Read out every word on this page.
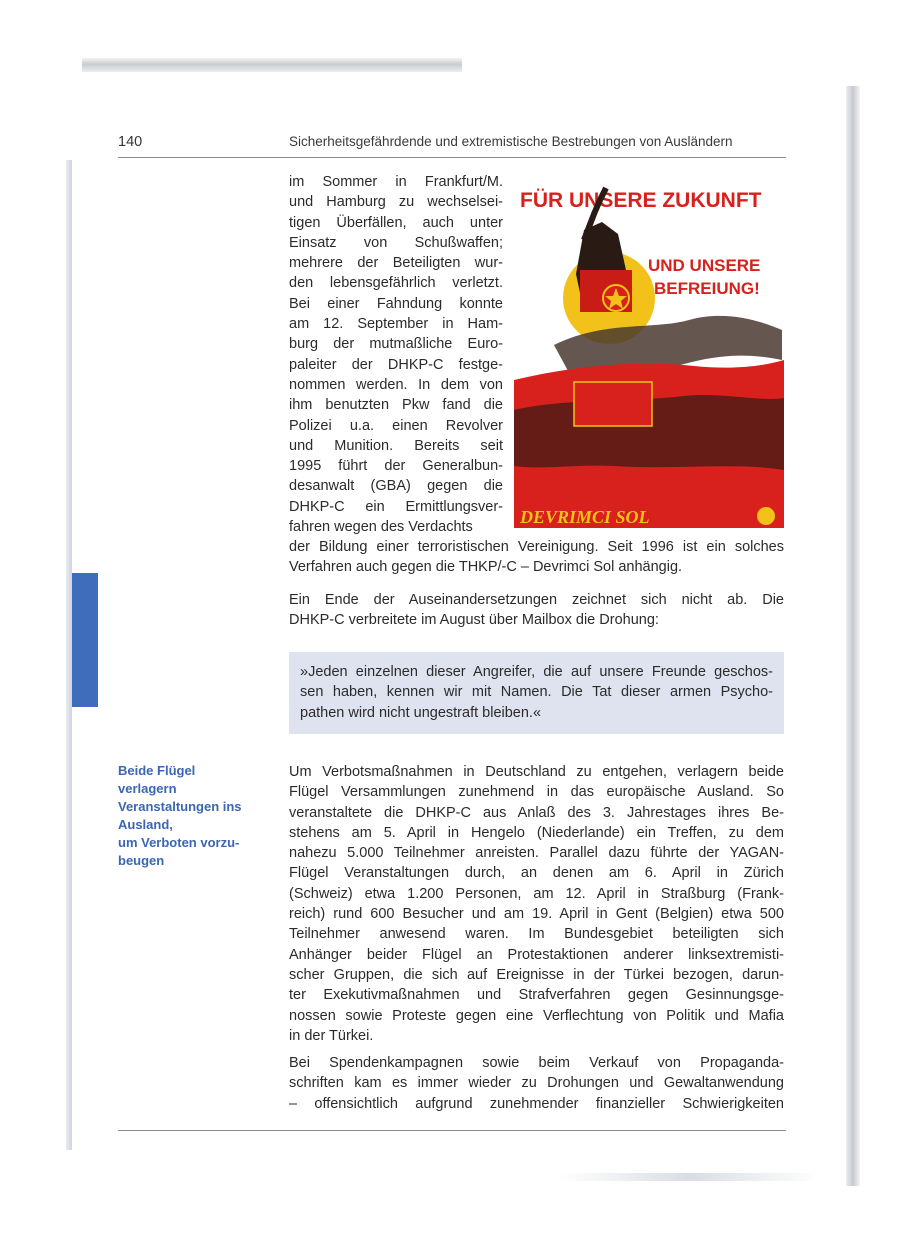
140	Sicherheitsgefährdende und extremistische Bestrebungen von Ausländern
im Sommer in Frankfurt/M.
und Hamburg zu wechselsei-
tigen Überfällen, auch unter
Einsatz von Schußwaffen;
mehrere der Beteiligten wur-
den lebensgefährlich verletzt.
Bei einer Fahndung konnte
am 12. September in Ham-
burg der mutmaßliche Euro-
paleiter der DHKP-C festge-
nommen werden. In dem von
ihm benutzten Pkw fand die
Polizei u.a. einen Revolver
und Munition. Bereits seit
1995 führt der Generalbun-
desanwalt (GBA) gegen die
DHKP-C ein Ermittlungsver-
fahren wegen des Verdachts
FÜR UNSERE ZUKUNFT
UND UNSERE
BEFREIUNG!
DEVRIMCI SOL
der Bildung einer terroristischen Vereinigung. Seit 1996 ist ein solches
Verfahren auch gegen die THKP/-C – Devrimci Sol anhängig.
Ein Ende der Auseinandersetzungen zeichnet sich nicht ab. Die
DHKP-C verbreitete im August über Mailbox die Drohung:
»Jeden einzelnen dieser Angreifer, die auf unsere Freunde geschos-
sen haben, kennen wir mit Namen. Die Tat dieser armen Psycho-
pathen wird nicht ungestraft bleiben.«
Beide Flügel
verlagern
Veranstaltungen ins
Ausland,
um Verboten vorzu-
beugen
Um Verbotsmaßnahmen in Deutschland zu entgehen, verlagern beide
Flügel Versammlungen zunehmend in das europäische Ausland. So
veranstaltete die DHKP-C aus Anlaß des 3. Jahrestages ihres Be-
stehens am 5. April in Hengelo (Niederlande) ein Treffen, zu dem
nahezu 5.000 Teilnehmer anreisten. Parallel dazu führte der YAGAN-
Flügel Veranstaltungen durch, an denen am 6. April in Zürich
(Schweiz) etwa 1.200 Personen, am 12. April in Straßburg (Frank-
reich) rund 600 Besucher und am 19. April in Gent (Belgien) etwa 500
Teilnehmer anwesend waren. Im Bundesgebiet beteiligten sich
Anhänger beider Flügel an Protestaktionen anderer linksextremisti-
scher Gruppen, die sich auf Ereignisse in der Türkei bezogen, darun-
ter Exekutivmaßnahmen und Strafverfahren gegen Gesinnungsge-
nossen sowie Proteste gegen eine Verflechtung von Politik und Mafia
in der Türkei.
Bei Spendenkampagnen sowie beim Verkauf von Propaganda-
schriften kam es immer wieder zu Drohungen und Gewaltanwendung
– offensichtlich aufgrund zunehmender finanzieller Schwierigkeiten
